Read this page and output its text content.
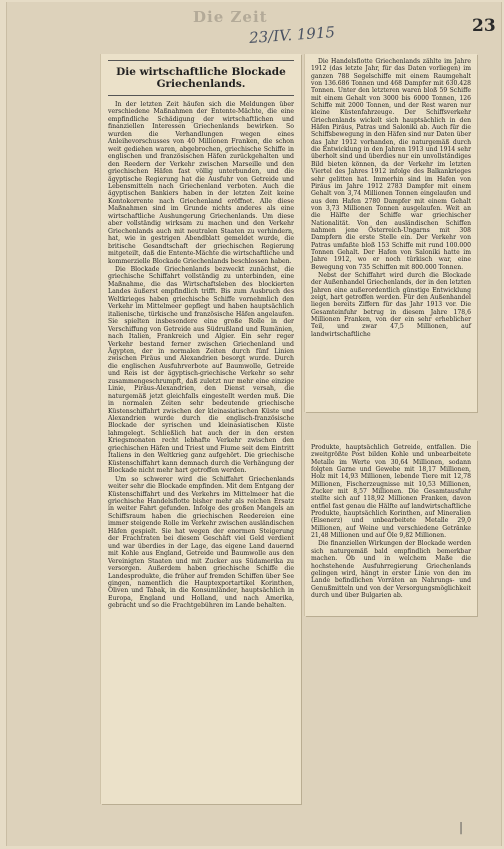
Die Zeit
23/IV. 1915	23
Die wirtschaftliche Blockade Griechenlands.

In der letzten Zeit häufen sich die Meldungen über verschiedene Maßnahmen der Entente-Mächte, die eine empfindliche Schädigung der wirtschaftlichen und finanziellen Interessen Griechenlands bewirken. So wurden die Verhandlungen wegen eines Anleihevorschusses von 40 Millionen Franken, die schon weit gediehen waren, abgebrochen, griechische Schiffe in englischen und französischen Häfen zurückgehalten und den Reedern der Verkehr zwischen Marseille und den griechischen Häfen fast völlig unterbunden, und die ägyptische Regierung hat die Ausfuhr von Getreide und Lebensmitteln nach Griechenland verboten. Auch die ägyptischen Bankiers haben in der letzten Zeit keine Kontokorrente nach Griechenland eröffnet. Alle diese Maßnahmen sind im Grunde nichts anderes als eine wirtschaftliche Aushungerung Griechenlands. Um diese aber vollständig wirksam zu machen und den Verkehr Griechenlands auch mit neutralen Staaten zu verhindern, hat, wie in gestrigen Abendblatt gemeldet wurde, die britische Gesandtschaft der griechischen Regierung mitgeteilt, daß die Entente-Mächte die wirtschaftliche und kommerzielle Blockade Griechenlands beschlossen haben.

Die Blockade Griechenlands bezweckt zunächst, die griechische Schiffahrt vollständig zu unterbinden, eine Maßnahme, die das Wirtschaftsleben des blockierten Landes äußerst empfindlich trifft. Bis zum Ausbruch des Weltkrieges haben griechische Schiffe vornehmlich den Verkehr im Mittelmeer gepflegt und haben hauptsächlich italienische, türkische und französische Häfen angelaufen. Sie spielten insbesondere eine große Rolle in der Verschiffung von Getreide aus Südrußland und Rumänien, nach Italien, Frankreich und Algier. Ein sehr reger Verkehr bestand ferner zwischen Griechenland und Ägypten, der in normalen Zeiten durch fünf Linien zwischen Piräus und Alexandrien besorgt wurde. Durch die englischen Ausfuhrverbote auf Baumwolle, Getreide und Reis ist der ägyptisch-griechische Verkehr so sehr zusammengeschrumpft, daß zuletzt nur mehr eine einzige Linie, Piräus-Alexandrien, den Dienst versah, die naturgemäß jetzt gleichfalls eingestellt werden muß. Die in normalen Zeiten sehr bedeutende griechische Küstenschiffahrt zwischen der kleinasiatischen Küste und Alexandrien wurde durch die englisch-französische Blockade der syrischen und kleinasiatischen Küste lahmgelegt. Schließlich hat auch der in den ersten Kriegsmonaten recht lebhafte Verkehr zwischen den griechischen Häfen und Triest und Fiume seit dem Eintritt Italiens in den Weltkrieg ganz aufgehört. Die griechische Küstenschiffahrt kann demnach durch die Verhängung der Blockade nicht mehr hart getroffen werden.

Um so schwerer wird die Schiffahrt Griechenlands weiter sehr die Blockade empfinden. Mit dem Entgang der Küstenschiffahrt und des Verkehrs im Mittelmeer hat die griechische Handelsflotte bisher mehr als reichen Ersatz in weiter Fahrt gefunden. Infolge des großen Mangels an Schiffsraum haben die griechischen Reedereien eine immer steigende Rolle im Verkehr zwischen ausländischen Häfen gespielt. Sie hat wegen der enormen Steigerung der Frachtraten bei diesem Geschäft viel Geld verdient und war überdies in der Lage, das eigene Land dauernd mit Kohle aus England, Getreide und Baumwolle aus den Vereinigten Staaten und mit Zucker aus Südamerika zu versorgen. Außerdem haben griechische Schiffe die Landesprodukte, die früher auf fremden Schiffen über See gingen, namentlich die Hauptexportartikel Korinthen, Oliven und Tabak, in die Konsumländer, hauptsächlich in Europa, England und Holland, und nach Amerika, gebracht und so die Frachtgebühren im Lande behalten.

Die Handelsflotte Griechenlands zählte im Jahre 1912 (das letzte Jahr, für das Daten vorliegen) im ganzen 788 Segelschiffe mit einem Raumgehalt von 136.686 Tonnen und 468 Dampfer mit 630.428 Tonnen. Unter den letzteren waren bloß 59 Schiffe mit einem Gehalt von 3000 bis 6000 Tonnen, 126 Schiffe mit 2000 Tonnen, und der Rest waren nur kleine Küstenfahrzeuge. Der Schiffsverkehr Griechenlands wickelt sich hauptsächlich in den Häfen Piräus, Patras und Saloniki ab. Auch für die Schiffsbewegung in den Häfen sind nur Daten über das Jahr 1912 vorhanden, die naturgemäß durch die Entwicklung in den Jahren 1913 und 1914 sehr überholt sind und überdies nur ein unvollständiges Bild bieten können, da der Verkehr im letzten Viertel des Jahres 1912 infolge des Balkankrieges sehr gelitten hat. Immerhin sind im Hafen von Piräus im Jahre 1912 2783 Dampfer mit einem Gehalt von 3,74 Millionen Tonnen eingelaufen und aus dem Hafen 2780 Dampfer mit einem Gehalt von 3,73 Millionen Tonnen ausgelaufen. Weit an die Hälfte der Schiffe war griechischer Nationalität. Von den ausländischen Schiffen nahmen jene Österreich-Ungarns mit 308 Dampfern die erste Stelle ein. Der Verkehr von Patras umfaßte bloß 153 Schiffe mit rund 100.000 Tonnen Gehalt. Der Hafen von Saloniki hatte im Jahre 1912, wo er noch türkisch war, eine Bewegung von 735 Schiffen mit 800.000 Tonnen.

Nebst der Schiffahrt wird durch die Blockade der Außenhandel Griechenlands, der in den letzten Jahren eine außerordentlich günstige Entwicklung zeigt, hart getroffen werden. Für den Außenhandel liegen bereits Ziffern für das Jahr 1913 vor. Die Gesamteinfuhr betrug in diesem Jahre 178,6 Millionen Franken, von der ein sehr erheblicher Teil, und zwar 47,5 Millionen, auf landwirtschaftliche

Produkte, hauptsächlich Getreide, entfallen. Die zweitgrößte Post bilden Kohle und unbearbeitete Metalle im Werte von 30,64 Millionen, sodann folgten Garne und Gewebe mit 18,17 Millionen, Holz mit 14,93 Millionen, lebende Tiere mit 12,78 Millionen, Fischerzeugnisse mit 10,53 Millionen, Zucker mit 8,57 Millionen. Die Gesamtausfuhr stellte sich auf 118,92 Millionen Franken, davon entfiel fast genau die Hälfte auf landwirtschaftliche Produkte, hauptsächlich Korinthen, auf Mineralien (Eisenerz) und unbearbeitete Metalle 29,0 Millionen, auf Weine und verschiedene Getränke 21,48 Millionen und auf Öle 9,82 Millionen.

Die finanziellen Wirkungen der Blockade werden sich naturgemäß bald empfindlich bemerkbar machen. Ob und in welchem Maße die hochstehende Ausfuhrregierung Griechenlands gelingen wird, hängt in erster Linie von den im Lande befindlichen Vorräten an Nahrungs- und Genußmitteln und von der Versorgungsmöglichkeit durch und über Bulgarien ab.

|
